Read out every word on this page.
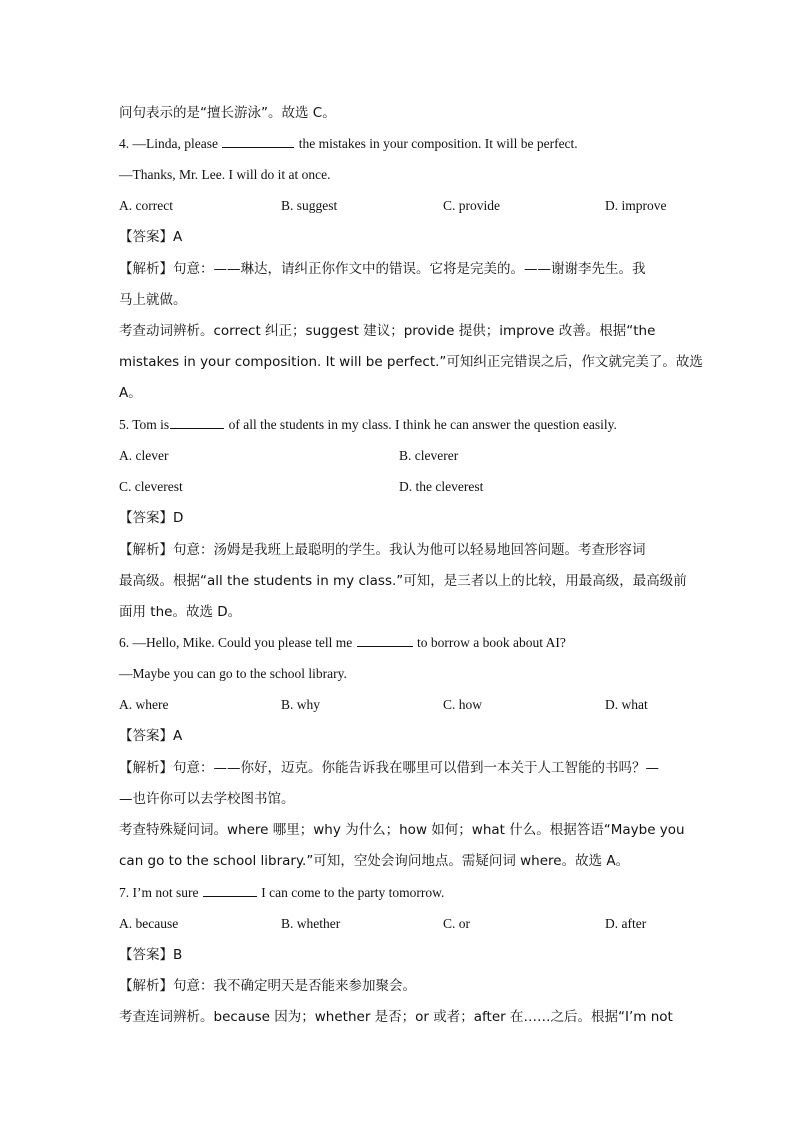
问句表示的是“擅长游泳”。故选 C。
4. —Linda, please	the mistakes in your composition. It will be perfect.
—Thanks, Mr. Lee. I will do it at once.
A. correct	B. suggest	C. provide	D. improve
【答案】A
【解析】句意：——琳达，请纠正你作文中的错误。它将是完美的。——谢谢李先生。我
马上就做。
考查动词辨析。correct 纠正；suggest 建议；provide 提供；improve 改善。根据“the
mistakes in your composition. It will be perfect.”可知纠正完错误之后，作文就完美了。故选
A。
5. Tom is	of all the students in my class. I think he can answer the question easily.
A. clever	B. cleverer
C. cleverest	D. the cleverest
【答案】D
【解析】句意：汤姆是我班上最聪明的学生。我认为他可以轻易地回答问题。考查形容词
最高级。根据“all the students in my class.”可知，是三者以上的比较，用最高级，最高级前
面用 the。故选 D。
6. —Hello, Mike. Could you please tell me	to borrow a book about AI?
—Maybe you can go to the school library.
A. where	B. why	C. how	D. what
【答案】A
【解析】句意：——你好，迈克。你能告诉我在哪里可以借到一本关于人工智能的书吗？—
—也许你可以去学校图书馆。
考查特殊疑问词。where 哪里；why 为什么；how 如何；what 什么。根据答语“Maybe you
can go to the school library.”可知，空处会询问地点。需疑问词 where。故选 A。
7. I’m not sure	I can come to the party tomorrow.
A. because	B. whether	C. or	D. after
【答案】B
【解析】句意：我不确定明天是否能来参加聚会。
考查连词辨析。because 因为；whether 是否；or 或者；after 在……之后。根据“I’m not
